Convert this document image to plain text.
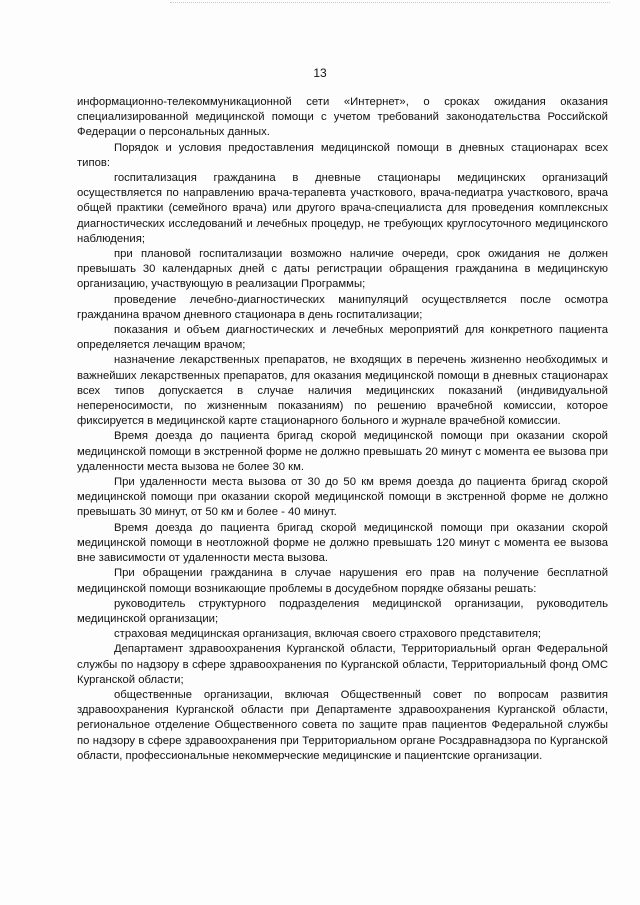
13

информационно-телекоммуникационной сети «Интернет», о сроках ожидания оказания специализированной медицинской помощи с учетом требований законодательства Российской Федерации о персональных данных.

Порядок и условия предоставления медицинской помощи в дневных стационарах всех типов:

госпитализация гражданина в дневные стационары медицинских организаций осуществляется по направлению врача-терапевта участкового, врача-педиатра участкового, врача общей практики (семейного врача) или другого врача-специалиста для проведения комплексных диагностических исследований и лечебных процедур, не требующих круглосуточного медицинского наблюдения;

при плановой госпитализации возможно наличие очереди, срок ожидания не должен превышать 30 календарных дней с даты регистрации обращения гражданина в медицинскую организацию, участвующую в реализации Программы;

проведение лечебно-диагностических манипуляций осуществляется после осмотра гражданина врачом дневного стационара в день госпитализации;

показания и объем диагностических и лечебных мероприятий для конкретного пациента определяется лечащим врачом;

назначение лекарственных препаратов, не входящих в перечень жизненно необходимых и важнейших лекарственных препаратов, для оказания медицинской помощи в дневных стационарах всех типов допускается в случае наличия медицинских показаний (индивидуальной непереносимости, по жизненным показаниям) по решению врачебной комиссии, которое фиксируется в медицинской карте стационарного больного и журнале врачебной комиссии.

Время доезда до пациента бригад скорой медицинской помощи при оказании скорой медицинской помощи в экстренной форме не должно превышать 20 минут с момента ее вызова при удаленности места вызова не более 30 км.

При удаленности места вызова от 30 до 50 км время доезда до пациента бригад скорой медицинской помощи при оказании скорой медицинской помощи в экстренной форме не должно превышать 30 минут, от 50 км и более - 40 минут.

Время доезда до пациента бригад скорой медицинской помощи при оказании скорой медицинской помощи в неотложной форме не должно превышать 120 минут с момента ее вызова вне зависимости от удаленности места вызова.

При обращении гражданина в случае нарушения его прав на получение бесплатной медицинской помощи возникающие проблемы в досудебном порядке обязаны решать:

руководитель структурного подразделения медицинской организации, руководитель медицинской организации;

страховая медицинская организация, включая своего страхового представителя;

Департамент здравоохранения Курганской области, Территориальный орган Федеральной службы по надзору в сфере здравоохранения по Курганской области, Территориальный фонд ОМС Курганской области;

общественные организации, включая Общественный совет по вопросам развития здравоохранения Курганской области при Департаменте здравоохранения Курганской области, региональное отделение Общественного совета по защите прав пациентов Федеральной службы по надзору в сфере здравоохранения при Территориальном органе Росздравнадзора по Курганской области, профессиональные некоммерческие медицинские и пациентские организации.
